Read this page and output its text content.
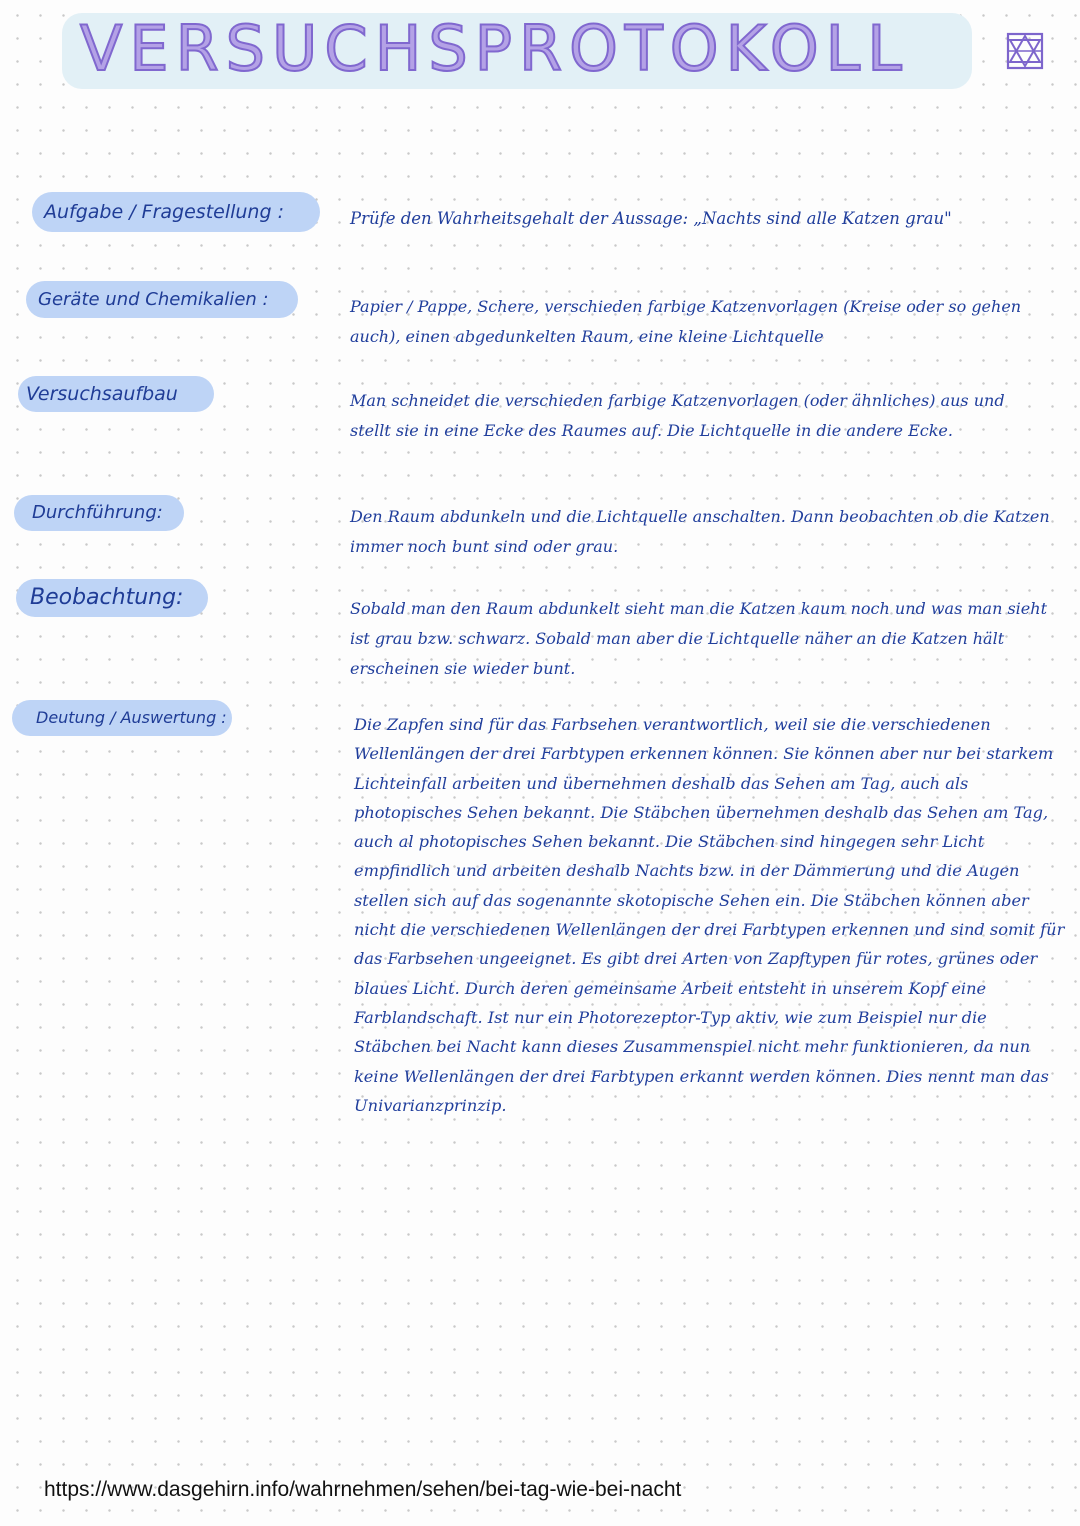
VERSUCHSPROTOKOLL
Aufgabe / Fragestellung :	Prüfe den Wahrheitsgehalt der Aussage: „Nachts sind alle Katzen grau"

Geräte und Chemikalien :	Papier / Pappe, Schere, verschieden farbige Katzenvorlagen (Kreise oder so gehen auch), einen abgedunkelten Raum, eine kleine Lichtquelle

Versuchsaufbau	Man schneidet die verschieden farbige Katzenvorlagen (oder ähnliches) aus und stellt sie in eine Ecke des Raumes auf. Die Lichtquelle in die andere Ecke.

Durchführung:	Den Raum abdunkeln und die Lichtquelle anschalten. Dann beobachten ob die Katzen immer noch bunt sind oder grau.

Beobachtung:	Sobald man den Raum abdunkelt sieht man die Katzen kaum noch und was man sieht ist grau bzw. schwarz. Sobald man aber die Lichtquelle näher an die Katzen hält erscheinen sie wieder bunt.

Deutung / Auswertung :	Die Zapfen sind für das Farbsehen verantwortlich, weil sie die verschiedenen Wellenlängen der drei Farbtypen erkennen können. Sie können aber nur bei starkem Lichteinfall arbeiten und übernehmen deshalb das Sehen am Tag, auch als photopisches Sehen bekannt. Die Stäbchen übernehmen deshalb das Sehen am Tag, auch al photopisches Sehen bekannt. Die Stäbchen sind hingegen sehr Licht empfindlich und arbeiten deshalb Nachts bzw. in der Dämmerung und die Augen stellen sich auf das sogenannte skotopische Sehen ein. Die Stäbchen können aber nicht die verschiedenen Wellenlängen der drei Farbtypen erkennen und sind somit für das Farbsehen ungeeignet. Es gibt drei Arten von Zapftypen für rotes, grünes oder blaues Licht. Durch deren gemeinsame Arbeit entsteht in unserem Kopf eine Farblandschaft. Ist nur ein Photorezeptor-Typ aktiv, wie zum Beispiel nur die Stäbchen bei Nacht kann dieses Zusammenspiel nicht mehr funktionieren, da nun keine Wellenlängen der drei Farbtypen erkannt werden können. Dies nennt man das Univarianzprinzip.

https://www.dasgehirn.info/wahrnehmen/sehen/bei-tag-wie-bei-nacht
